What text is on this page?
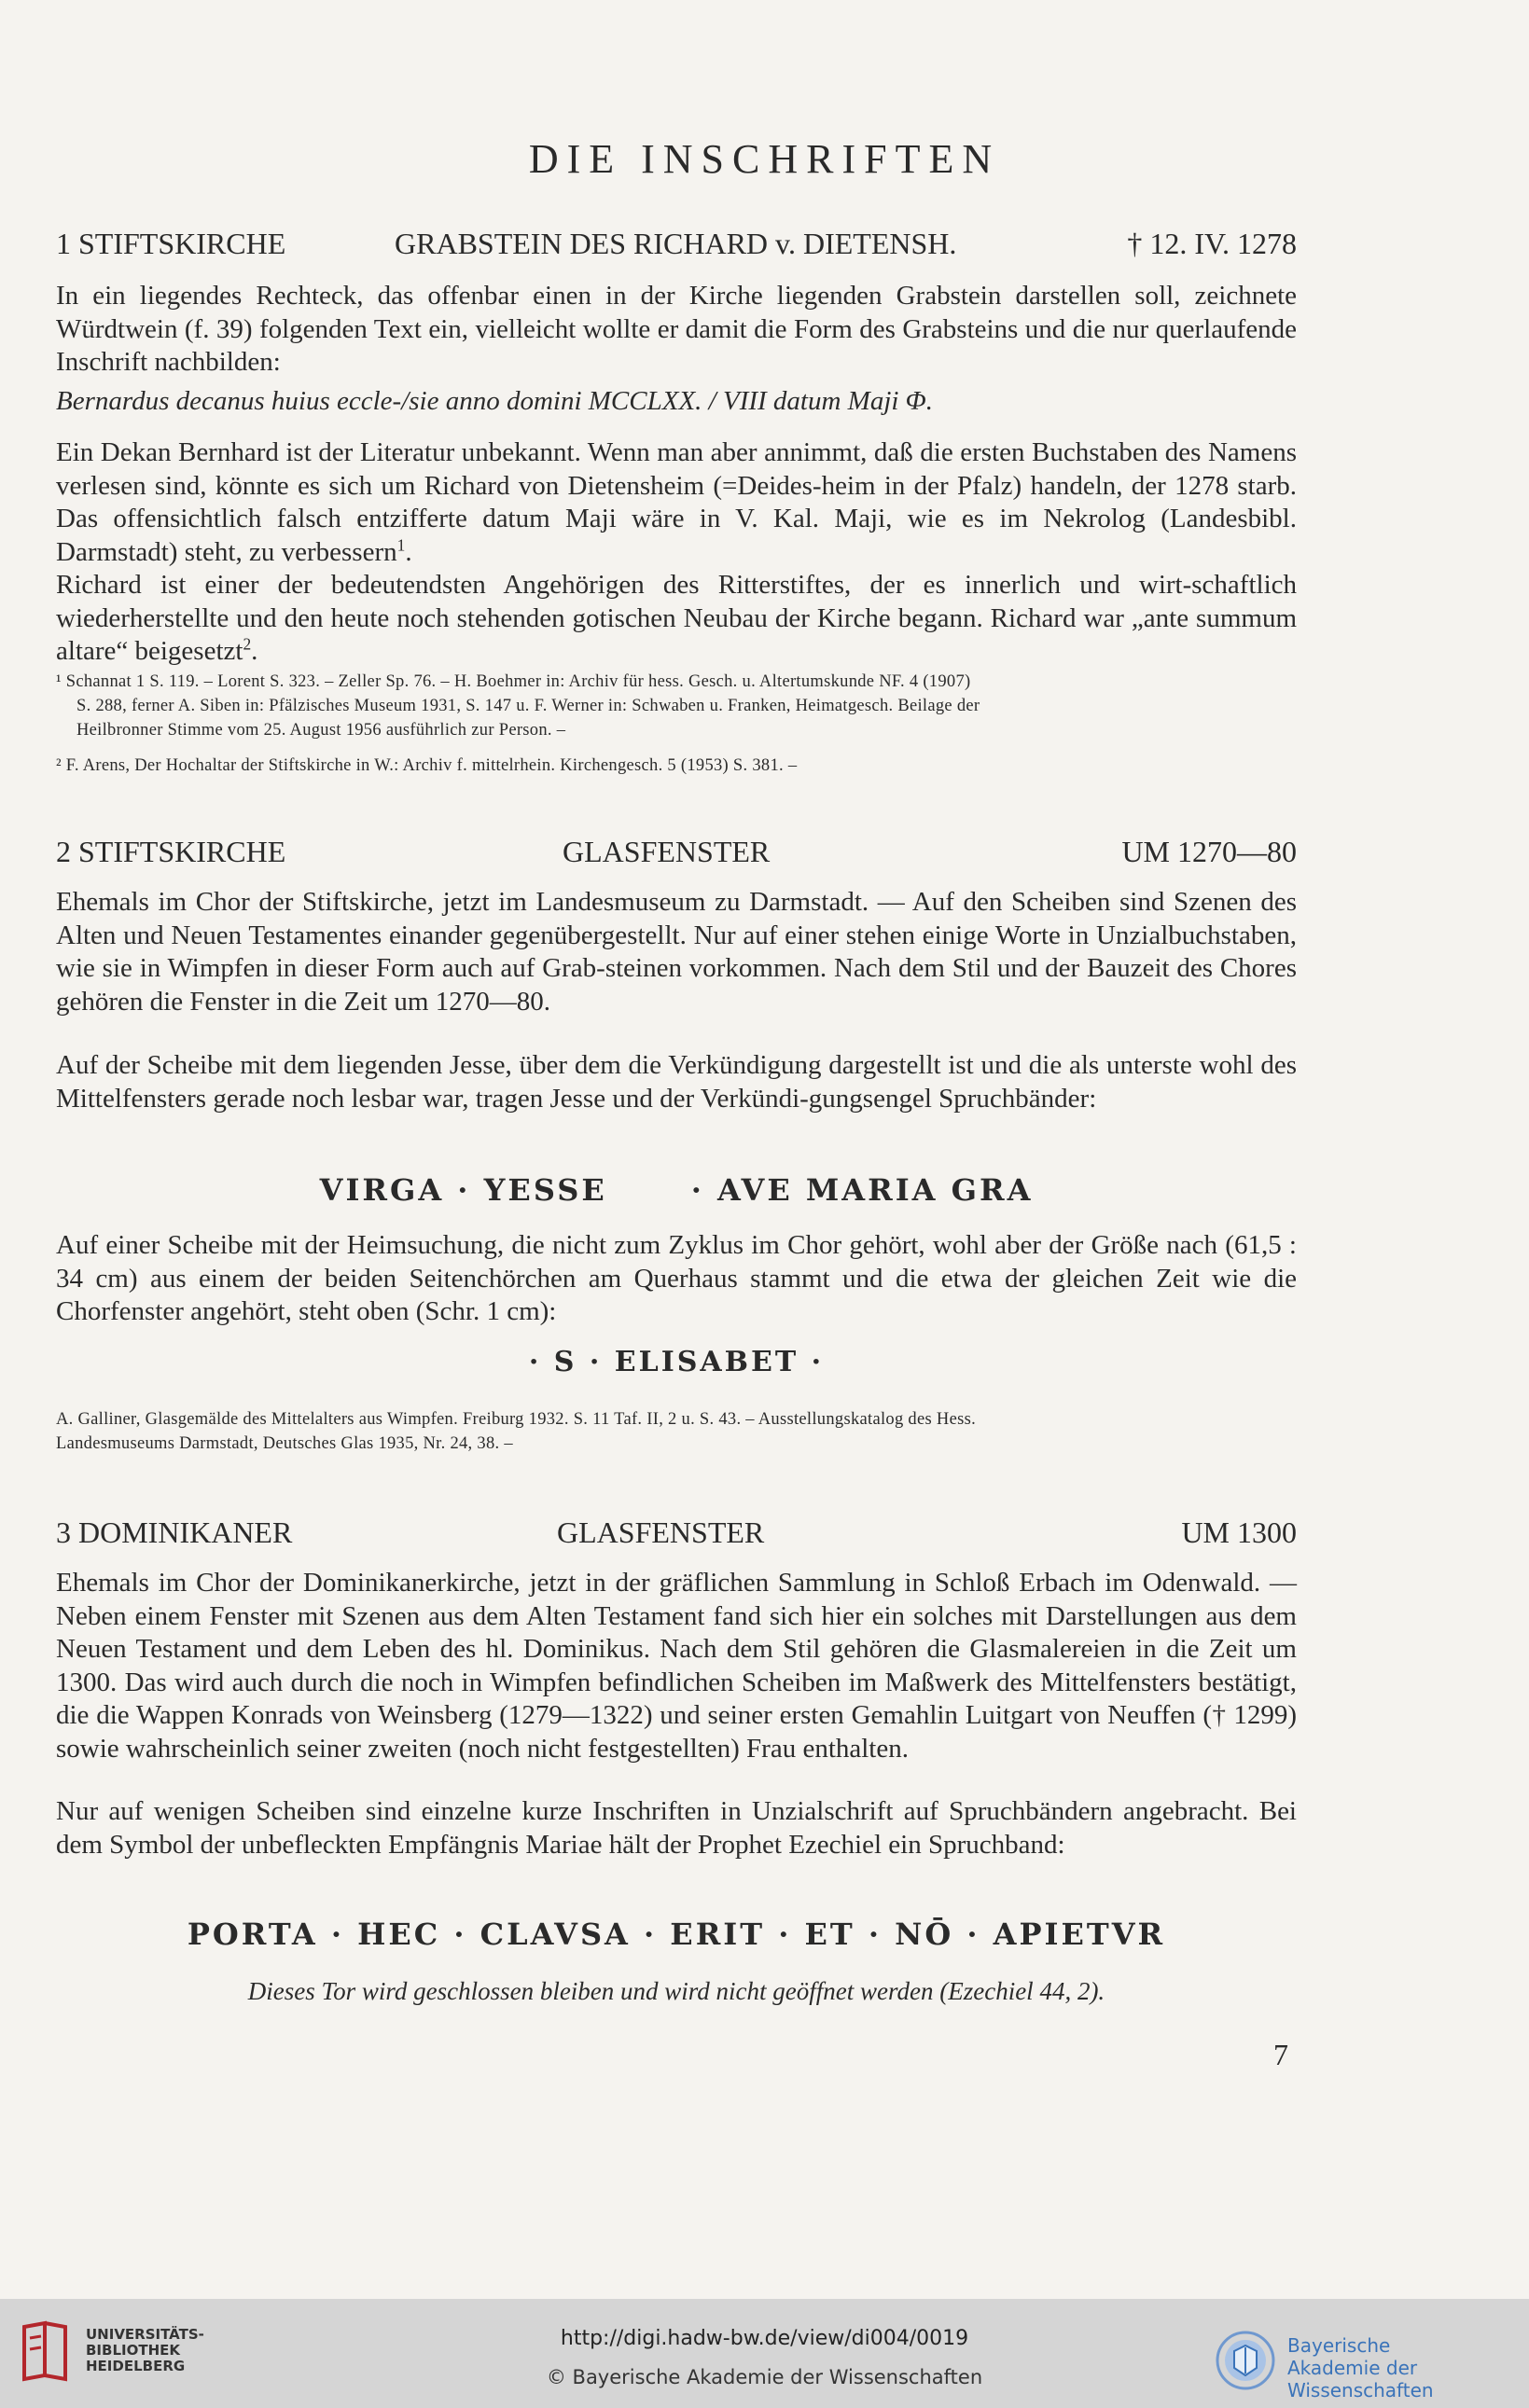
DIE INSCHRIFTEN
1 STIFTSKIRCHE	GRABSTEIN DES RICHARD v. DIETENSH.	† 12. IV. 1278

In ein liegendes Rechteck, das offenbar einen in der Kirche liegenden Grabstein darstellen soll, zeichnete Würdtwein (f. 39) folgenden Text ein, vielleicht wollte er damit die Form des Grabsteins und die nur querlaufende Inschrift nachbilden:

Bernardus decanus huius eccle-/sie anno domini MCCLXX. / VIII datum Maji Φ.

Ein Dekan Bernhard ist der Literatur unbekannt. Wenn man aber annimmt, daß die ersten Buchstaben des Namens verlesen sind, könnte es sich um Richard von Dietensheim (=Deides-heim in der Pfalz) handeln, der 1278 starb. Das offensichtlich falsch entzifferte datum Maji wäre in V. Kal. Maji, wie es im Nekrolog (Landesbibl. Darmstadt) steht, zu verbessern$^1$.

Richard ist einer der bedeutendsten Angehörigen des Ritterstiftes, der es innerlich und wirt-schaftlich wiederherstellte und den heute noch stehenden gotischen Neubau der Kirche begann. Richard war „ante summum altare“ beigesetzt$^2$.

¹ Schannat 1 S. 119. – Lorent S. 323. – Zeller Sp. 76. – H. Boehmer in: Archiv für hess. Gesch. u. Altertumskunde NF. 4 (1907)
S. 288, ferner A. Siben in: Pfälzisches Museum 1931, S. 147 u. F. Werner in: Schwaben u. Franken, Heimatgesch. Beilage der
Heilbronner Stimme vom 25. August 1956 ausführlich zur Person. –

² F. Arens, Der Hochaltar der Stiftskirche in W.: Archiv f. mittelrhein. Kirchengesch. 5 (1953) S. 381. –

2 STIFTSKIRCHE	GLASFENSTER	UM 1270—80

Ehemals im Chor der Stiftskirche, jetzt im Landesmuseum zu Darmstadt. — Auf den Scheiben sind Szenen des Alten und Neuen Testamentes einander gegenübergestellt. Nur auf einer stehen einige Worte in Unzialbuchstaben, wie sie in Wimpfen in dieser Form auch auf Grab-steinen vorkommen. Nach dem Stil und der Bauzeit des Chores gehören die Fenster in die Zeit um 1270—80.

Auf der Scheibe mit dem liegenden Jesse, über dem die Verkündigung dargestellt ist und die als unterste wohl des Mittelfensters gerade noch lesbar war, tragen Jesse und der Verkündi-gungsengel Spruchbänder:

VIRGA · YESSE	· AVE MARIA GRA

Auf einer Scheibe mit der Heimsuchung, die nicht zum Zyklus im Chor gehört, wohl aber der Größe nach (61,5 : 34 cm) aus einem der beiden Seitenchörchen am Querhaus stammt und die etwa der gleichen Zeit wie die Chorfenster angehört, steht oben (Schr. 1 cm):

· S · ELISABET ·

A. Galliner, Glasgemälde des Mittelalters aus Wimpfen. Freiburg 1932. S. 11 Taf. II, 2 u. S. 43. – Ausstellungskatalog des Hess.
Landesmuseums Darmstadt, Deutsches Glas 1935, Nr. 24, 38. –

3 DOMINIKANER	GLASFENSTER	UM 1300

Ehemals im Chor der Dominikanerkirche, jetzt in der gräflichen Sammlung in Schloß Erbach im Odenwald. — Neben einem Fenster mit Szenen aus dem Alten Testament fand sich hier ein solches mit Darstellungen aus dem Neuen Testament und dem Leben des hl. Dominikus. Nach dem Stil gehören die Glasmalereien in die Zeit um 1300. Das wird auch durch die noch in Wimpfen befindlichen Scheiben im Maßwerk des Mittelfensters bestätigt, die die Wappen Konrads von Weinsberg (1279—1322) und seiner ersten Gemahlin Luitgart von Neuffen († 1299) sowie wahrscheinlich seiner zweiten (noch nicht festgestellten) Frau enthalten.

Nur auf wenigen Scheiben sind einzelne kurze Inschriften in Unzialschrift auf Spruchbändern angebracht. Bei dem Symbol der unbefleckten Empfängnis Mariae hält der Prophet Ezechiel ein Spruchband:

PORTA · HEC · CLAVSA · ERIT · ET · NŌ · APIETVR

Dieses Tor wird geschlossen bleiben und wird nicht geöffnet werden (Ezechiel 44, 2).

7
UNIVERSITÄTS-
BIBLIOTHEK
HEIDELBERG
http://digi.hadw-bw.de/view/di004/0019
© Bayerische Akademie der Wissenschaften
Bayerische
Akademie der Wissenschaften
